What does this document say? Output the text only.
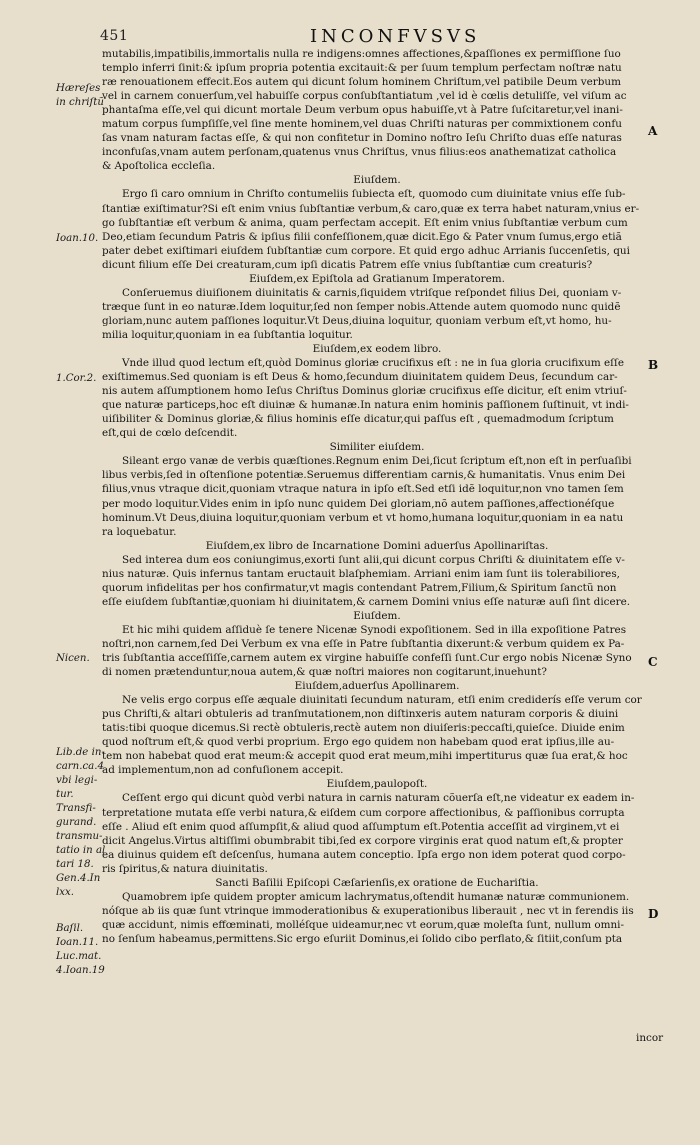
451	INCONFVSVS
Hæreſes
in chriſtũ
Ioan.10.
1.Cor.2.
Nicen.
Lib.de in-
carn.ca.4
vbi legi-
tur.
Transfi-
gurand.
transmu-
tatio in al
tari 18.
Gen.4.In
lxx.
Baſil.
Ioan.11.
Luc.mat.
4.Ioan.19
A
B
C
D
mutabilis,impatibilis,immortalis nulla re indigens:omnes affectiones,&paſſiones ex permiſſione ſuo
templo inferri ſinit:& ipſum propria potentia excitauit:& per ſuum templum perfectam noſtræ natu
ræ renouationem effecit.Eos autem qui dicunt ſolum hominem Chriſtum,vel patibile Deum verbum
vel in carnem conuerſum,vel habuiſſe corpus conſubſtantiatum ,vel id è cœlis detuliſſe, vel viſum ac
phantaſma eſſe,vel qui dicunt mortale Deum verbum opus habuiſſe,vt à Patre ſuſcitaretur,vel inani-
matum corpus ſumpſiſſe,vel ſine mente hominem,vel duas Chriſti naturas per commixtionem confu
ſas vnam naturam factas eſſe, & qui non confitetur in Domino noſtro Ieſu Chriſto duas eſſe naturas
inconfuſas,vnam autem perſonam,quatenus vnus Chriſtus, vnus filius:eos anathematizat catholica
& Apoſtolica eccleſia.
Eiuſdem.
Ergo ſi caro omnium in Chriſto contumeliis ſubiecta eſt, quomodo cum diuinitate vnius eſſe ſub-
ſtantiæ exiſtimatur?Si eſt enim vnius ſubſtantiæ verbum,& caro,quæ ex terra habet naturam,vnius er-
go ſubſtantiæ eſt verbum & anima, quam perfectam accepit. Eſt enim vnius ſubſtantiæ verbum cum
Deo,etiam ſecundum Patris & ipſius filii confeſſionem,quæ dicit.Ego & Pater vnum ſumus,ergo etiã
pater debet exiſtimari eiuſdem ſubſtantiæ cum corpore. Et quid ergo adhuc Arrianis ſuccenſetis, qui
dicunt filium eſſe Dei creaturam,cum ipſi dicatis Patrem eſſe vnius ſubſtantiæ cum creaturis?
Eiuſdem,ex Epiſtola ad Gratianum Imperatorem.
Conſeruemus diuiſionem diuinitatis & carnis,ſiquidem vtriſque reſpondet filius Dei, quoniam v-
træque ſunt in eo naturæ.Idem loquitur,ſed non ſemper nobis.Attende autem quomodo nunc quidẽ
gloriam,nunc autem paſſiones loquitur.Vt Deus,diuina loquitur, quoniam verbum eſt,vt homo, hu-
milia loquitur,quoniam in ea ſubſtantia loquitur.
Eiuſdem,ex eodem libro.
Vnde illud quod lectum eſt,quòd Dominus gloriæ crucifixus eſt : ne in ſua gloria crucifixum eſſe
exiſtimemus.Sed quoniam is eſt Deus & homo,ſecundum diuinitatem quidem Deus, ſecundum car-
nis autem aſſumptionem homo Ieſus Chriſtus Dominus gloriæ crucifixus eſſe dicitur, eſt enim vtriuſ-
que naturæ particeps,hoc eſt diuinæ & humanæ.In natura enim hominis paſſionem ſuſtinuit, vt indi-
uiſibiliter & Dominus gloriæ,& filius hominis eſſe dicatur,qui paſſus eſt , quemadmodum ſcriptum
eſt,qui de cœlo deſcendit.
Similiter eiuſdem.
Sileant ergo vanæ de verbis quæſtiones.Regnum enim Dei,ſicut ſcriptum eſt,non eſt in perſuaſibi
libus verbis,ſed in oſtenſione potentiæ.Seruemus differentiam carnis,& humanitatis. Vnus enim Dei
filius,vnus vtraque dicit,quoniam vtraque natura in ipſo eſt.Sed etſi idẽ loquitur,non vno tamen ſem
per modo loquitur.Vides enim in ipſo nunc quidem Dei gloriam,nõ autem paſſiones,affectionéſque
hominum.Vt Deus,diuina loquitur,quoniam verbum et vt homo,humana loquitur,quoniam in ea natu
ra loquebatur.
Eiuſdem,ex libro de Incarnatione Domini aduerſus Apollinariſtas.
Sed interea dum eos coniungimus,exorti ſunt alii,qui dicunt corpus Chriſti & diuinitatem eſſe v-
nius naturæ. Quis infernus tantam eructauit blaſphemiam. Arriani enim iam ſunt iis tolerabiliores,
quorum infidelitas per hos confirmatur,vt magis contendant Patrem,Filium,& Spiritum ſanctũ non
eſſe eiuſdem ſubſtantiæ,quoniam hi diuinitatem,& carnem Domini vnius eſſe naturæ auſi ſint dicere.
Eiuſdem.
Et hic mihi quidem aſſiduè ſe tenere Nicenæ Synodi expoſitionem. Sed in illa expoſitione Patres
noſtri,non carnem,ſed Dei Verbum ex vna eſſe in Patre ſubſtantia dixerunt:& verbum quidem ex Pa-
tris ſubſtantia acceſſiſſe,carnem autem ex virgine habuiſſe confeſſi ſunt.Cur ergo nobis Nicenæ Syno
di nomen prætenduntur,noua autem,& quæ noſtri maiores non cogitarunt,inuehunt?
Eiuſdem,aduerſus Apollinarem.
Ne velis ergo corpus eſſe æquale diuinitati ſecundum naturam, etſi enim crediderís eſſe verum cor
pus Chriſti,& altari obtuleris ad tranſmutationem,non diſtinxeris autem naturam corporis & diuini
tatis:tibi quoque dicemus.Si rectè obtuleris,rectè autem non diuiſeris:peccaſti,quieſce. Diuide enim
quod noſtrum eſt,& quod verbi proprium. Ergo ego quidem non habebam quod erat ipſius,ille au-
tem non habebat quod erat meum:& accepit quod erat meum,mihi impertiturus quæ ſua erat,& hoc
ad implementum,non ad confuſionem accepit.
Eiuſdem,paulopoſt.
Ceſſent ergo qui dicunt quòd verbi natura in carnis naturam cõuerſa eſt,ne videatur ex eadem in-
terpretatione mutata eſſe verbi natura,& eiſdem cum corpore affectionibus, & paſſionibus corrupta
eſſe . Aliud eſt enim quod aſſumpſit,& aliud quod aſſumptum eſt.Potentia acceſſit ad virginem,vt ei
dicit Angelus.Virtus altiſſimi obumbrabit tibi,ſed ex corpore virginis erat quod natum eſt,& propter
ea diuinus quidem eſt deſcenſus, humana autem conceptio. Ipſa ergo non idem poterat quod corpo-
ris ſpiritus,& natura diuinitatis.
Sancti Baſilii Epiſcopi Cæſarienſis,ex oratione de Euchariſtia.
Quamobrem ipſe quidem propter amicum lachrymatus,oſtendit humanæ naturæ communionem.
nóſque ab iis quæ ſunt vtrinque immoderationibus & exuperationibus liberauit , nec vt in ferendis iis
quæ accidunt, nimis effœminati, molléſque uideamur,nec vt eorum,quæ moleſta ſunt, nullum omni-
no ſenſum habeamus,permittens.Sic ergo eſuriit Dominus,ei ſolido cibo perflato,& ſitiit,conſum pta
incor
